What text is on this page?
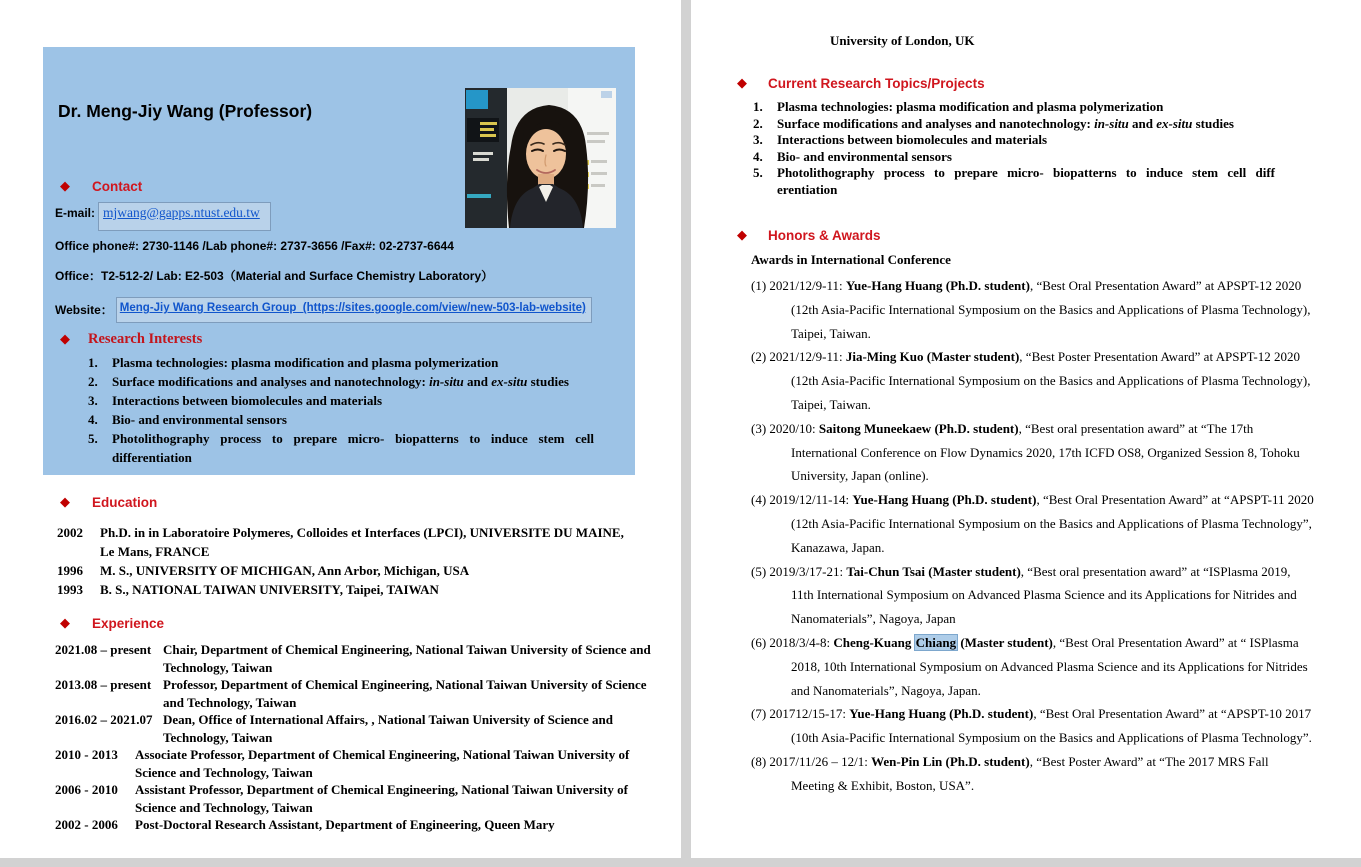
Dr. Meng-Jiy Wang (Professor)
◆ Contact
E-mail: mjwang@gapps.ntust.edu.tw
Office phone#: 2730-1146 /Lab phone#: 2737-3656 /Fax#: 02-2737-6644
Office：T2-512-2/ Lab: E2-503（Material and Surface Chemistry Laboratory）
Website： Meng-Jiy Wang Research Group  (https://sites.google.com/view/new-503-lab-website)
◆ Research Interests
1. Plasma technologies: plasma modification and plasma polymerization
2. Surface modifications and analyses and nanotechnology: in-situ and ex-situ studies
3. Interactions between biomolecules and materials
4. Bio- and environmental sensors
5. Photolithography process to prepare micro- biopatterns to induce stem cell differentiation
◆ Education
2002	Ph.D. in in Laboratoire Polymeres, Colloides et Interfaces (LPCI), UNIVERSITE DU MAINE, Le Mans, FRANCE
1996	M. S., UNIVERSITY OF MICHIGAN, Ann Arbor, Michigan, USA
1993	B. S., NATIONAL TAIWAN UNIVERSITY, Taipei, TAIWAN
◆ Experience
2021.08 – present Chair, Department of Chemical Engineering, National Taiwan University of Science and Technology, Taiwan
2013.08 – present Professor, Department of Chemical Engineering, National Taiwan University of Science and Technology, Taiwan
2016.02 – 2021.07 Dean, Office of International Affairs, , National Taiwan University of Science and Technology, Taiwan
2010 - 2013	Associate Professor, Department of Chemical Engineering, National Taiwan University of Science and Technology, Taiwan
2006 - 2010	Assistant Professor, Department of Chemical Engineering, National Taiwan University of Science and Technology, Taiwan
2002 - 2006	Post-Doctoral Research Assistant, Department of Engineering, Queen Mary
University of London, UK
◆ Current Research Topics/Projects
1. Plasma technologies: plasma modification and plasma polymerization
2. Surface modifications and analyses and nanotechnology: in-situ and ex-situ studies
3. Interactions between biomolecules and materials
4. Bio- and environmental sensors
5. Photolithography process to prepare micro- biopatterns to induce stem cell diff erentiation
◆ Honors & Awards
Awards in International Conference
(1) 2021/12/9-11: Yue-Hang Huang (Ph.D. student), “Best Oral Presentation Award” at APSPT-12 2020 (12th Asia-Pacific International Symposium on the Basics and Applications of Plasma Technology), Taipei, Taiwan.
(2) 2021/12/9-11: Jia-Ming Kuo (Master student), “Best Poster Presentation Award” at APSPT-12 2020 (12th Asia-Pacific International Symposium on the Basics and Applications of Plasma Technology), Taipei, Taiwan.
(3) 2020/10: Saitong Muneekaew (Ph.D. student), “Best oral presentation award” at “The 17th International Conference on Flow Dynamics 2020, 17th ICFD OS8, Organized Session 8, Tohoku University, Japan (online).
(4) 2019/12/11-14: Yue-Hang Huang (Ph.D. student), “Best Oral Presentation Award” at “APSPT-11 2020 (12th Asia-Pacific International Symposium on the Basics and Applications of Plasma Technology”, Kanazawa, Japan.
(5) 2019/3/17-21: Tai-Chun Tsai (Master student), “Best oral presentation award” at “ISPlasma 2019, 11th International Symposium on Advanced Plasma Science and its Applications for Nitrides and Nanomaterials”, Nagoya, Japan
(6) 2018/3/4-8: Cheng-Kuang Chiang (Master student), “Best Oral Presentation Award” at “ ISPlasma 2018, 10th International Symposium on Advanced Plasma Science and its Applications for Nitrides and Nanomaterials”, Nagoya, Japan.
(7) 201712/15-17: Yue-Hang Huang (Ph.D. student), “Best Oral Presentation Award” at “APSPT-10 2017 (10th Asia-Pacific International Symposium on the Basics and Applications of Plasma Technology”.
(8) 2017/11/26 – 12/1: Wen-Pin Lin (Ph.D. student), “Best Poster Award” at “The 2017 MRS Fall Meeting & Exhibit, Boston, USA”.
